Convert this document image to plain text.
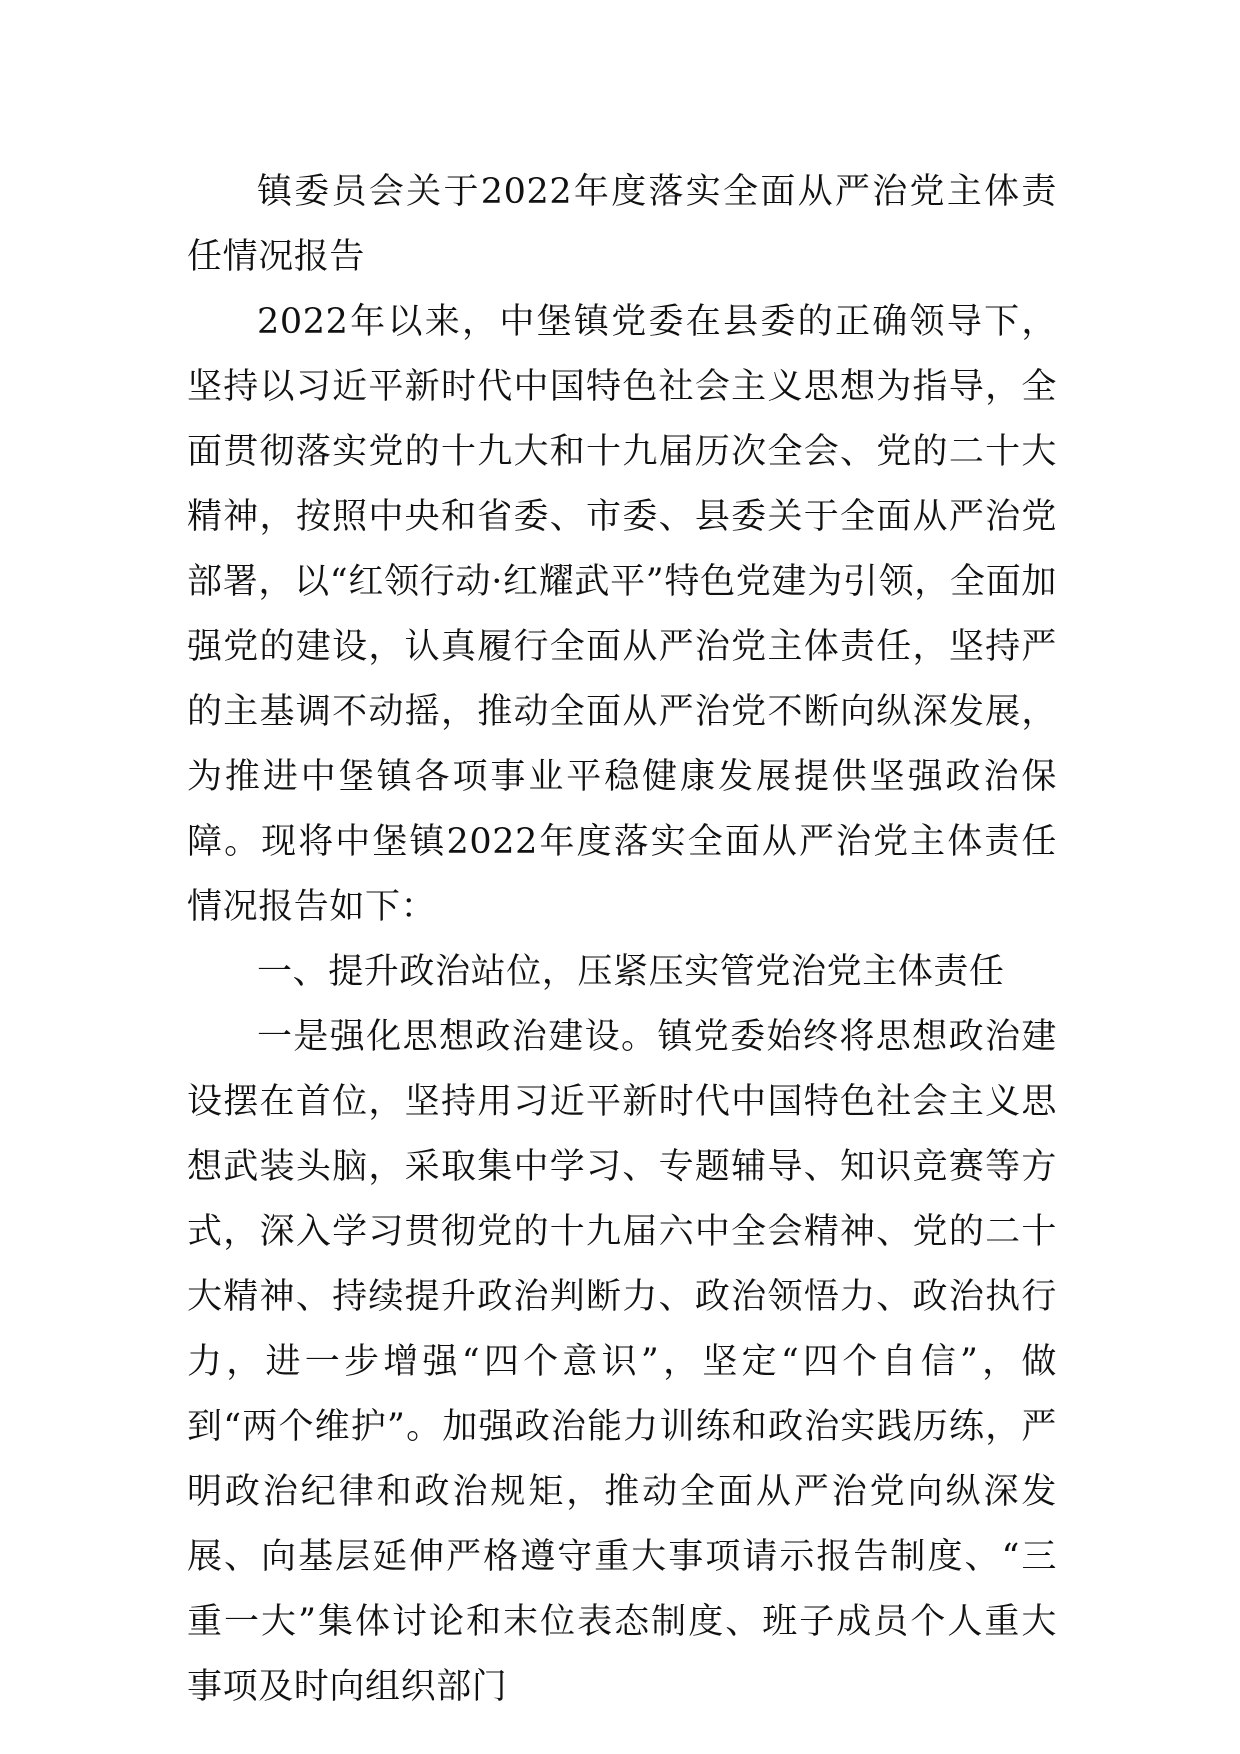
镇委员会关于2022年度落实全面从严治党主体责任情况报告

2022年以来，中堡镇党委在县委的正确领导下，坚持以习近平新时代中国特色社会主义思想为指导，全面贯彻落实党的十九大和十九届历次全会、党的二十大精神，按照中央和省委、市委、县委关于全面从严治党部署，以“红领行动·红耀武平”特色党建为引领，全面加强党的建设，认真履行全面从严治党主体责任，坚持严的主基调不动摇，推动全面从严治党不断向纵深发展，为推进中堡镇各项事业平稳健康发展提供坚强政治保障。现将中堡镇2022年度落实全面从严治党主体责任情况报告如下：

一、提升政治站位，压紧压实管党治党主体责任

一是强化思想政治建设。镇党委始终将思想政治建设摆在首位，坚持用习近平新时代中国特色社会主义思想武装头脑，采取集中学习、专题辅导、知识竞赛等方式，深入学习贯彻党的十九届六中全会精神、党的二十大精神、持续提升政治判断力、政治领悟力、政治执行力，进一步增强“四个意识”，坚定“四个自信”，做到“两个维护”。加强政治能力训练和政治实践历练，严明政治纪律和政治规矩，推动全面从严治党向纵深发展、向基层延伸严格遵守重大事项请示报告制度、“三重一大”集体讨论和末位表态制度、班子成员个人重大事项及时向组织部门
